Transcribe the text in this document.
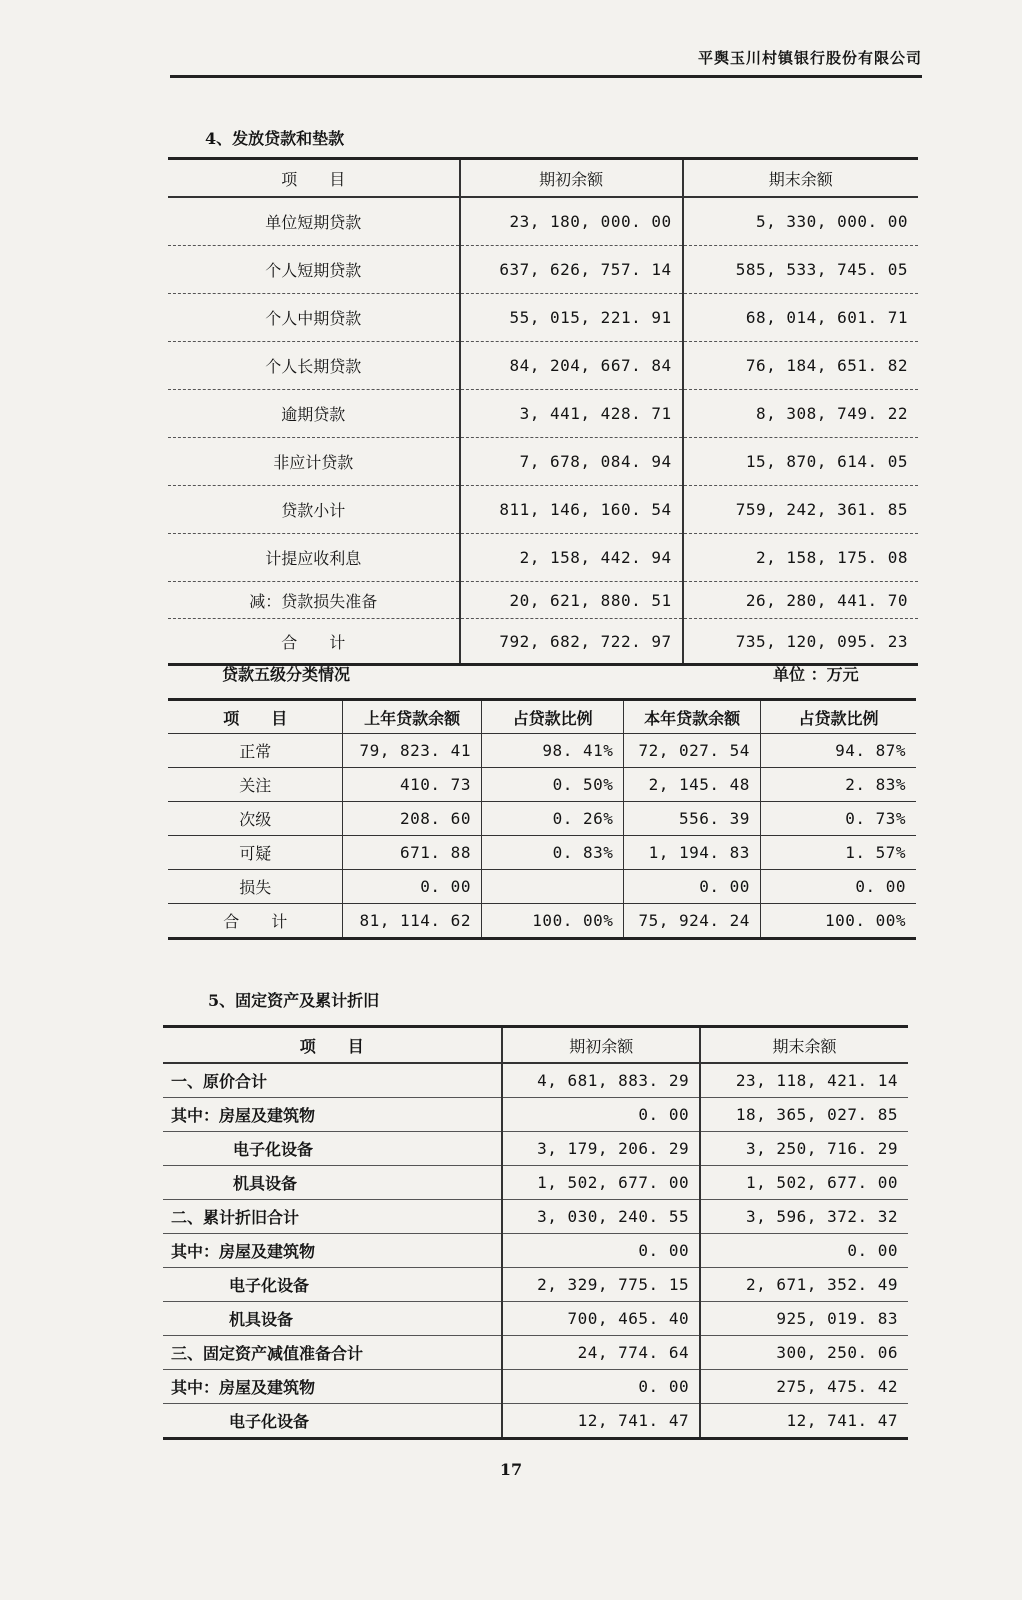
平舆玉川村镇银行股份有限公司
4、发放贷款和垫款
项　　目	期初余额	期末余额
单位短期贷款	23, 180, 000. 00	5, 330, 000. 00
个人短期贷款	637, 626, 757. 14	585, 533, 745. 05
个人中期贷款	55, 015, 221. 91	68, 014, 601. 71
个人长期贷款	84, 204, 667. 84	76, 184, 651. 82
逾期贷款	3, 441, 428. 71	8, 308, 749. 22
非应计贷款	7, 678, 084. 94	15, 870, 614. 05
贷款小计	811, 146, 160. 54	759, 242, 361. 85
计提应收利息	2, 158, 442. 94	2, 158, 175. 08
减：贷款损失准备	20, 621, 880. 51	26, 280, 441. 70
合　　计	792, 682, 722. 97	735, 120, 095. 23
贷款五级分类情况	单位 ：万元
项　　目	上年贷款余额	占贷款比例	本年贷款余额	占贷款比例
正常	79, 823. 41	98. 41%	72, 027. 54	94. 87%
关注	410. 73	0. 50%	2, 145. 48	2. 83%
次级	208. 60	0. 26%	556. 39	0. 73%
可疑	671. 88	0. 83%	1, 194. 83	1. 57%
损失	0. 00		0. 00	0. 00
合　　计	81, 114. 62	100. 00%	75, 924. 24	100. 00%
5、固定资产及累计折旧
项　　目	期初余额	期末余额
一、原价合计	4, 681, 883. 29	23, 118, 421. 14
其中：房屋及建筑物	0. 00	18, 365, 027. 85
电子化设备	3, 179, 206. 29	3, 250, 716. 29
机具设备	1, 502, 677. 00	1, 502, 677. 00
二、累计折旧合计	3, 030, 240. 55	3, 596, 372. 32
其中：房屋及建筑物	0. 00	0. 00
电子化设备	2, 329, 775. 15	2, 671, 352. 49
机具设备	700, 465. 40	925, 019. 83
三、固定资产减值准备合计	24, 774. 64	300, 250. 06
其中：房屋及建筑物	0. 00	275, 475. 42
电子化设备	12, 741. 47	12, 741. 47
17
